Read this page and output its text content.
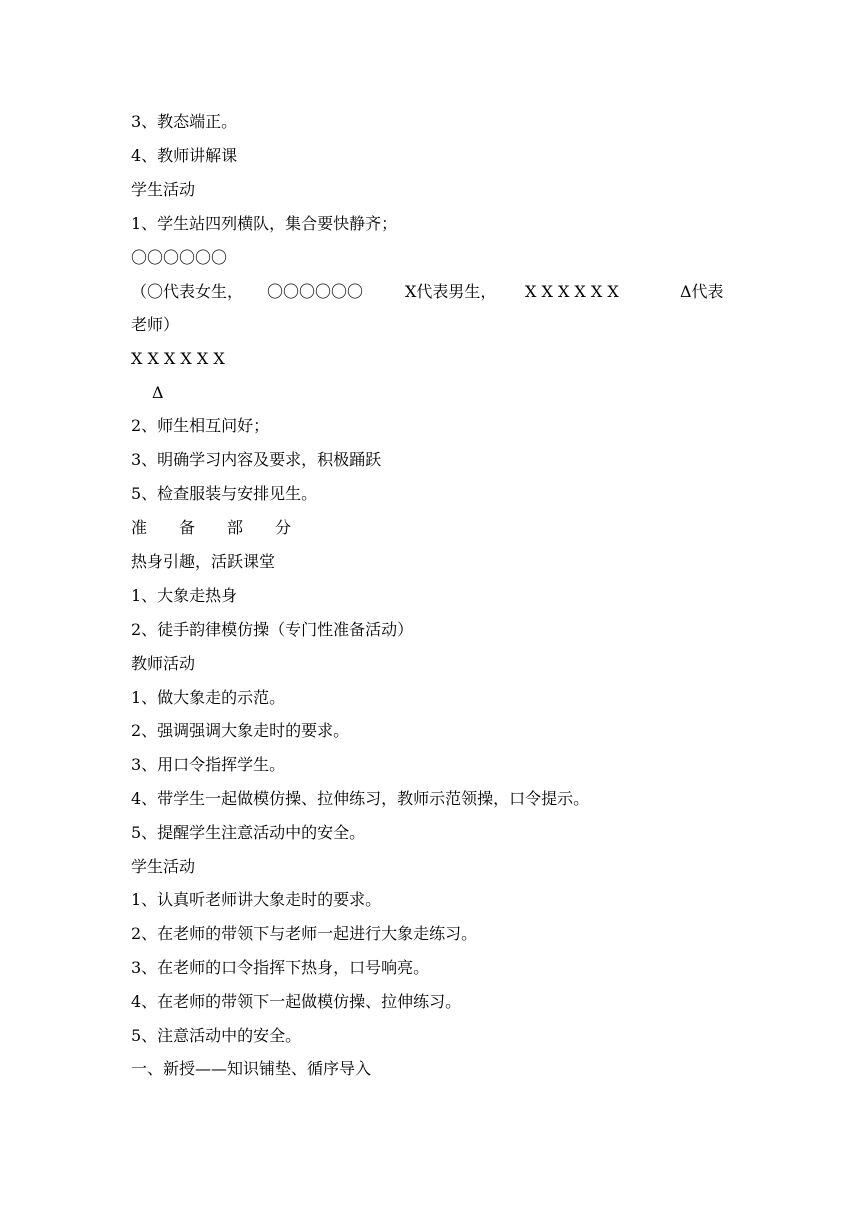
3、教态端正。
4、教师讲解课
学生活动
1、学生站四列横队，集合要快静齐；
〇〇〇〇〇〇
（〇代表女生， 〇〇〇〇〇〇	X代表男生， X X X X X X	Δ代表
老师）
X X X X X X
Δ
2、师生相互问好；
3、明确学习内容及要求，积极踊跃
5、检查服装与安排见生。
准　　备　　部　　分
热身引趣，活跃课堂
1、大象走热身
2、徒手韵律模仿操（专门性准备活动）
教师活动
1、做大象走的示范。
2、强调强调大象走时的要求。
3、用口令指挥学生。
4、带学生一起做模仿操、拉伸练习，教师示范领操，口令提示。
5、提醒学生注意活动中的安全。
学生活动
1、认真听老师讲大象走时的要求。
2、在老师的带领下与老师一起进行大象走练习。
3、在老师的口令指挥下热身，口号响亮。
4、在老师的带领下一起做模仿操、拉伸练习。
5、注意活动中的安全。
一、新授——知识铺垫、循序导入
